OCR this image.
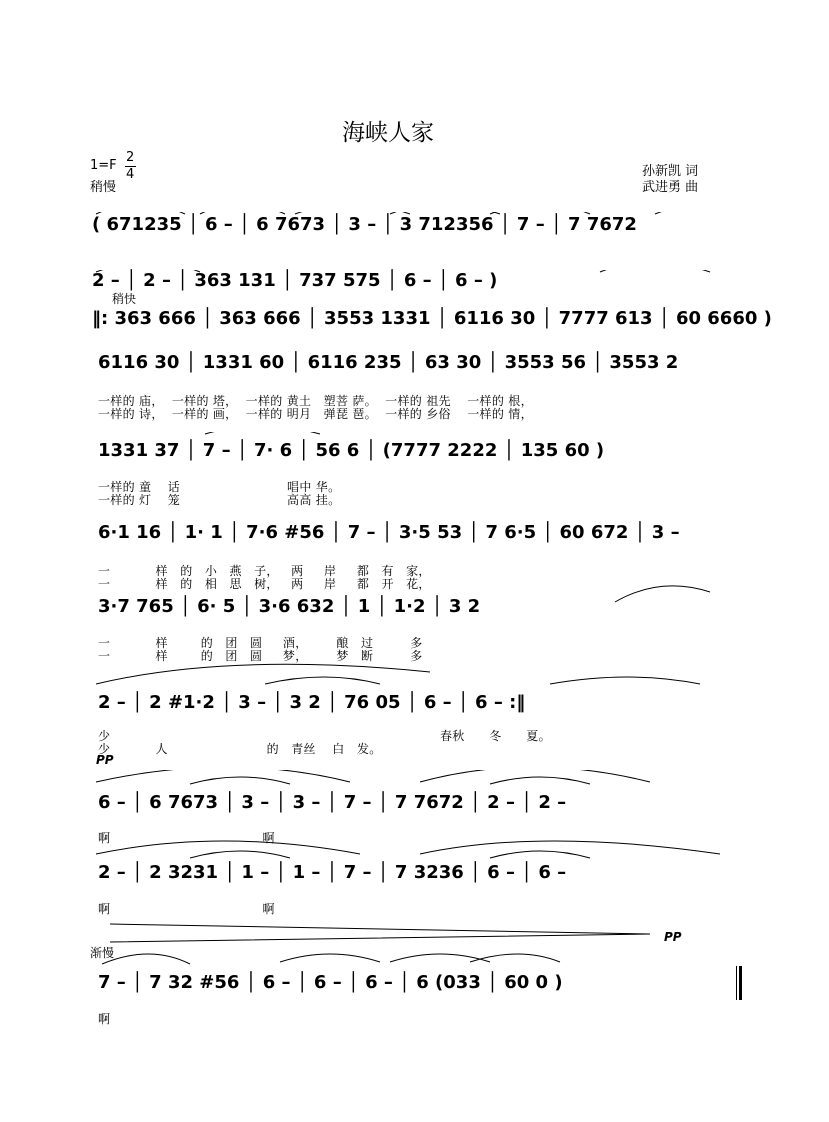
海峡人家
1=F
2
4
稍慢
孙新凯 词
武进勇 曲
( 671235 │ 6 – │ 6 7673 │ 3 – │ 3 712356 │ 7 – │ 7 7672
2 – │ 2 – │ 363 131 │ 737 575 │ 6 – │ 6 – )
稍快
‖: 363 666 │ 363 666 │ 3553 1331 │ 6116 30 │ 7777 613 │ 60 6660 )
6116 30 │ 1331 60 │ 6116 235 │ 63 30 │ 3553 56 │ 3553 2
一样的 庙，  一样的 塔，  一样的 黄土   塑菩 萨。  一样的 祖先    一样的 根，
一样的 诗，  一样的 画，  一样的 明月   弹琵 琶。  一样的 乡俗    一样的 情，
1331 37 │ 7 – │ 7· 6 │ 56 6 │ (7777 2222 │ 135 60 )
一样的 童    话                          唱中 华。
一样的 灯    笼                          高高 挂。
6·1 16 │ 1· 1 │ 7·6 #56 │ 7 – │ 3·5 53 │ 7 6·5 │ 60 672 │ 3 –
一           样   的   小   燕   子，   两     岸     都   有   家，
一           样   的   相   思   树，   两     岸     都   开   花，
3·7 765 │ 6· 5 │ 3·6 632 │ 1 │ 1·2 │ 3 2
一           样        的   团   圆     酒，       酿   过         多
一           样        的   团   圆     梦，       梦   断         多
2 – │ 2 #1·2 │ 3 – │ 3 2 │ 76 05 │ 6 – │ 6 – :‖
少
少           人                        的   青丝    白   发。
春秋      冬      夏。
PP
6 – │ 6 7673 │ 3 – │ 3 – │ 7 – │ 7 7672 │ 2 – │ 2 –
啊                                     啊
2 – │ 2 3231 │ 1 – │ 1 – │ 7 – │ 7 3236 │ 6 – │ 6 –
啊                                     啊
PP
渐慢
7 – │ 7 32 #56 │ 6 – │ 6 – │ 6 – │ 6 (033 │ 60 0 )
啊
